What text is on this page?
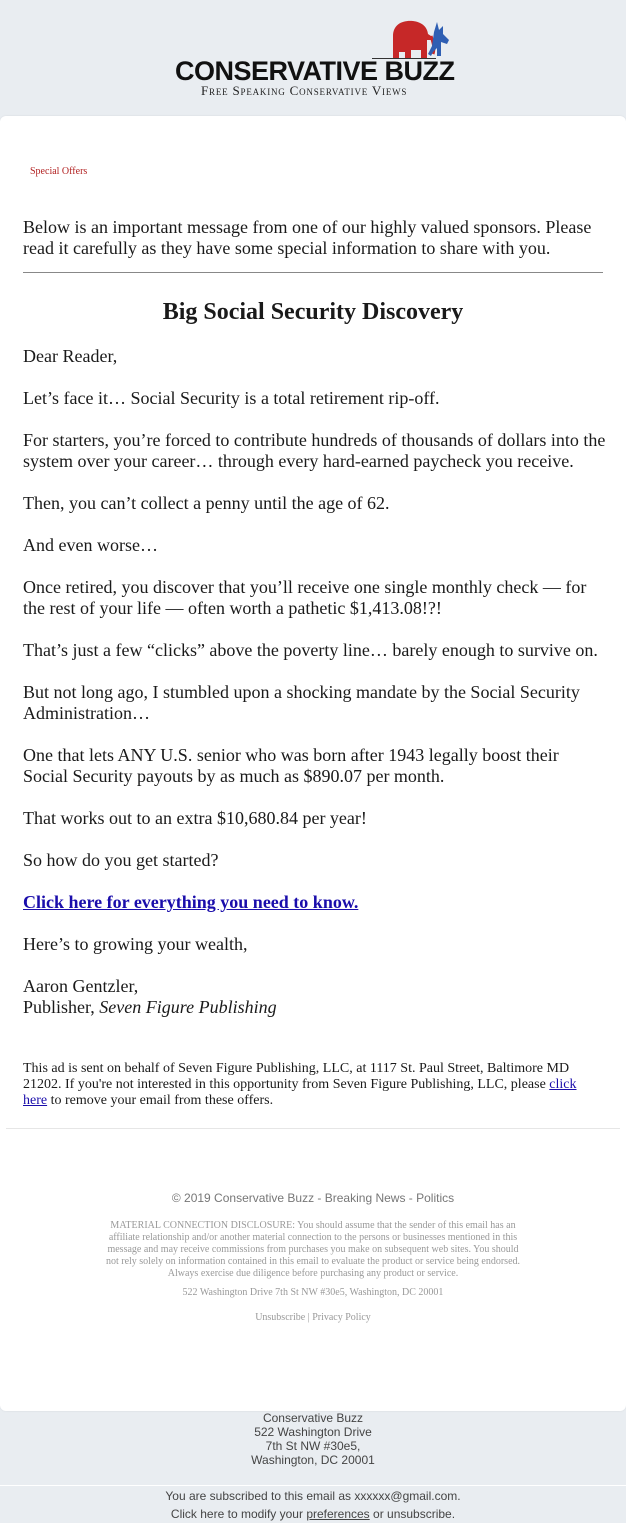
CONSERVATIVE BUZZ
Free Speaking Conservative Views
Special Offers
Below is an important message from one of our highly valued sponsors. Please read it carefully as they have some special information to share with you.
Big Social Security Discovery

Dear Reader,

Let’s face it… Social Security is a total retirement rip-off.

For starters, you’re forced to contribute hundreds of thousands of dollars into the system over your career… through every hard-earned paycheck you receive.

Then, you can’t collect a penny until the age of 62.

And even worse…

Once retired, you discover that you’ll receive one single monthly check — for the rest of your life — often worth a pathetic $1,413.08!?!

That’s just a few “clicks” above the poverty line… barely enough to survive on.

But not long ago, I stumbled upon a shocking mandate by the Social Security Administration…

One that lets ANY U.S. senior who was born after 1943 legally boost their Social Security payouts by as much as $890.07 per month.

That works out to an extra $10,680.84 per year!

So how do you get started?

Click here for everything you need to know.

Here’s to growing your wealth,

Aaron Gentzler,
Publisher, Seven Figure Publishing

This ad is sent on behalf of Seven Figure Publishing, LLC, at 1117 St. Paul Street, Baltimore MD 21202. If you're not interested in this opportunity from Seven Figure Publishing, LLC, please click here to remove your email from these offers.
© 2019 Conservative Buzz - Breaking News - Politics
MATERIAL CONNECTION DISCLOSURE: You should assume that the sender of this email has an affiliate relationship and/or another material connection to the persons or businesses mentioned in this message and may receive commissions from purchases you make on subsequent web sites. You should not rely solely on information contained in this email to evaluate the product or service being endorsed. Always exercise due diligence before purchasing any product or service.
522 Washington Drive 7th St NW #30e5, Washington, DC 20001
Unsubscribe | Privacy Policy
Conservative Buzz
522 Washington Drive
7th St NW #30e5,
Washington, DC 20001
You are subscribed to this email as xxxxxx@gmail.com.
Click here to modify your preferences or unsubscribe.
